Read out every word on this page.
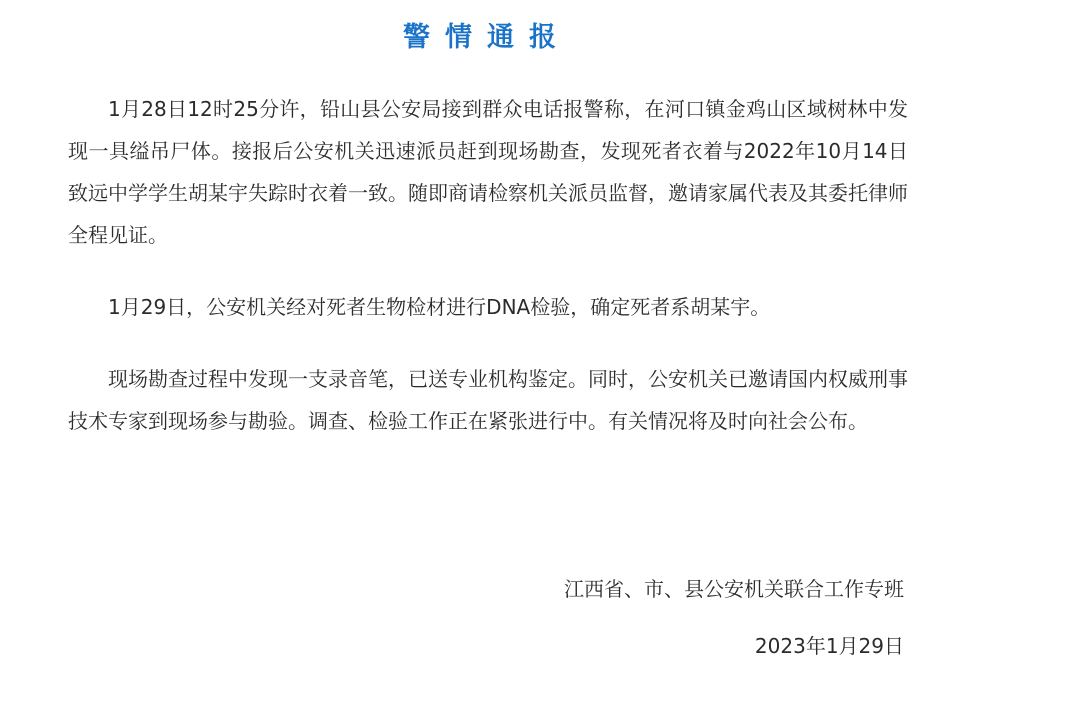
警情通报

1月28日12时25分许，铅山县公安局接到群众电话报警称，在河口镇金鸡山区域树林中发现一具缢吊尸体。接报后公安机关迅速派员赶到现场勘查，发现死者衣着与2022年10月14日致远中学学生胡某宇失踪时衣着一致。随即商请检察机关派员监督，邀请家属代表及其委托律师全程见证。

1月29日，公安机关经对死者生物检材进行DNA检验，确定死者系胡某宇。

现场勘查过程中发现一支录音笔，已送专业机构鉴定。同时，公安机关已邀请国内权威刑事技术专家到现场参与勘验。调查、检验工作正在紧张进行中。有关情况将及时向社会公布。

江西省、市、县公安机关联合工作专班
2023年1月29日
